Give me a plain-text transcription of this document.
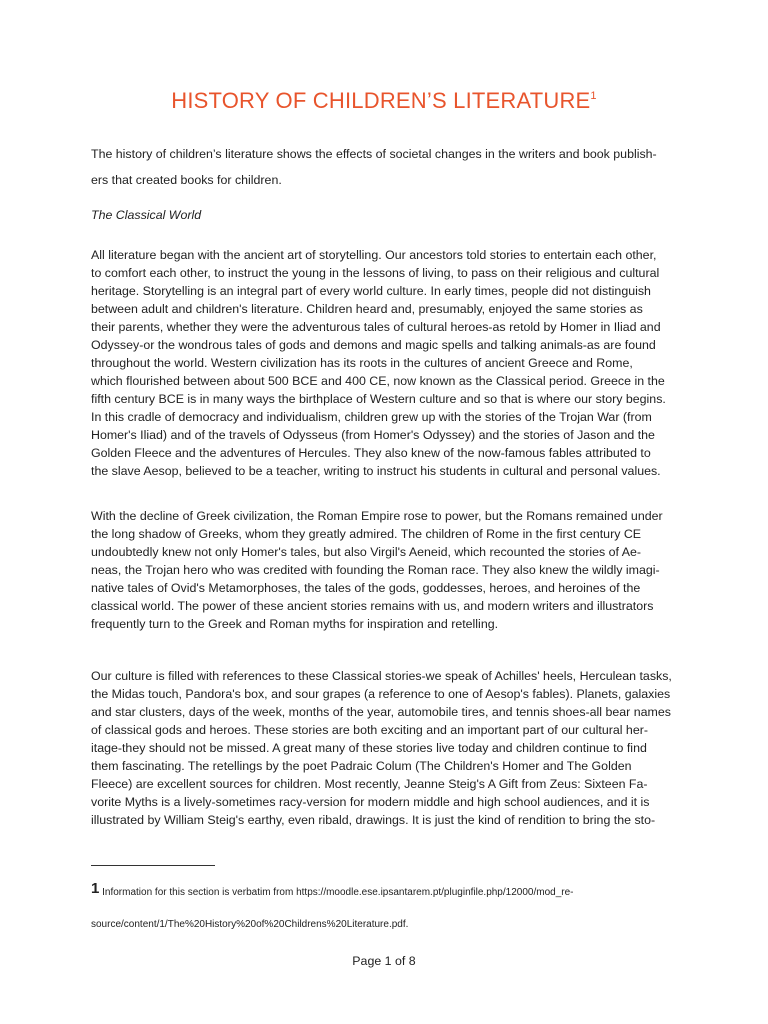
HISTORY OF CHILDREN’S LITERATURE$^1$
The history of children’s literature shows the effects of societal changes in the writers and book publish-
ers that created books for children.
The Classical World
All literature began with the ancient art of storytelling. Our ancestors told stories to entertain each other,
to comfort each other, to instruct the young in the lessons of living, to pass on their religious and cultural
heritage. Storytelling is an integral part of every world culture. In early times, people did not distinguish
between adult and children's literature. Children heard and, presumably, enjoyed the same stories as
their parents, whether they were the adventurous tales of cultural heroes-as retold by Homer in Iliad and
Odyssey-or the wondrous tales of gods and demons and magic spells and talking animals-as are found
throughout the world. Western civilization has its roots in the cultures of ancient Greece and Rome,
which flourished between about 500 BCE and 400 CE, now known as the Classical period. Greece in the
fifth century BCE is in many ways the birthplace of Western culture and so that is where our story begins.
In this cradle of democracy and individualism, children grew up with the stories of the Trojan War (from
Homer's Iliad) and of the travels of Odysseus (from Homer's Odyssey) and the stories of Jason and the
Golden Fleece and the adventures of Hercules. They also knew of the now-famous fables attributed to
the slave Aesop, believed to be a teacher, writing to instruct his students in cultural and personal values.
With the decline of Greek civilization, the Roman Empire rose to power, but the Romans remained under
the long shadow of Greeks, whom they greatly admired. The children of Rome in the first century CE
undoubtedly knew not only Homer's tales, but also Virgil's Aeneid, which recounted the stories of Ae-
neas, the Trojan hero who was credited with founding the Roman race. They also knew the wildly imagi-
native tales of Ovid's Metamorphoses, the tales of the gods, goddesses, heroes, and heroines of the
classical world. The power of these ancient stories remains with us, and modern writers and illustrators
frequently turn to the Greek and Roman myths for inspiration and retelling.
Our culture is filled with references to these Classical stories-we speak of Achilles' heels, Herculean tasks,
the Midas touch, Pandora's box, and sour grapes (a reference to one of Aesop's fables). Planets, galaxies
and star clusters, days of the week, months of the year, automobile tires, and tennis shoes-all bear names
of classical gods and heroes. These stories are both exciting and an important part of our cultural her-
itage-they should not be missed. A great many of these stories live today and children continue to find
them fascinating. The retellings by the poet Padraic Colum (The Children's Homer and The Golden
Fleece) are excellent sources for children. Most recently, Jeanne Steig's A Gift from Zeus: Sixteen Fa-
vorite Myths is a lively-sometimes racy-version for modern middle and high school audiences, and it is
illustrated by William Steig's earthy, even ribald, drawings. It is just the kind of rendition to bring the sto-
1 Information for this section is verbatim from https://moodle.ese.ipsantarem.pt/pluginfile.php/12000/mod_re-
source/content/1/The%20History%20of%20Childrens%20Literature.pdf.
Page 1 of 8
